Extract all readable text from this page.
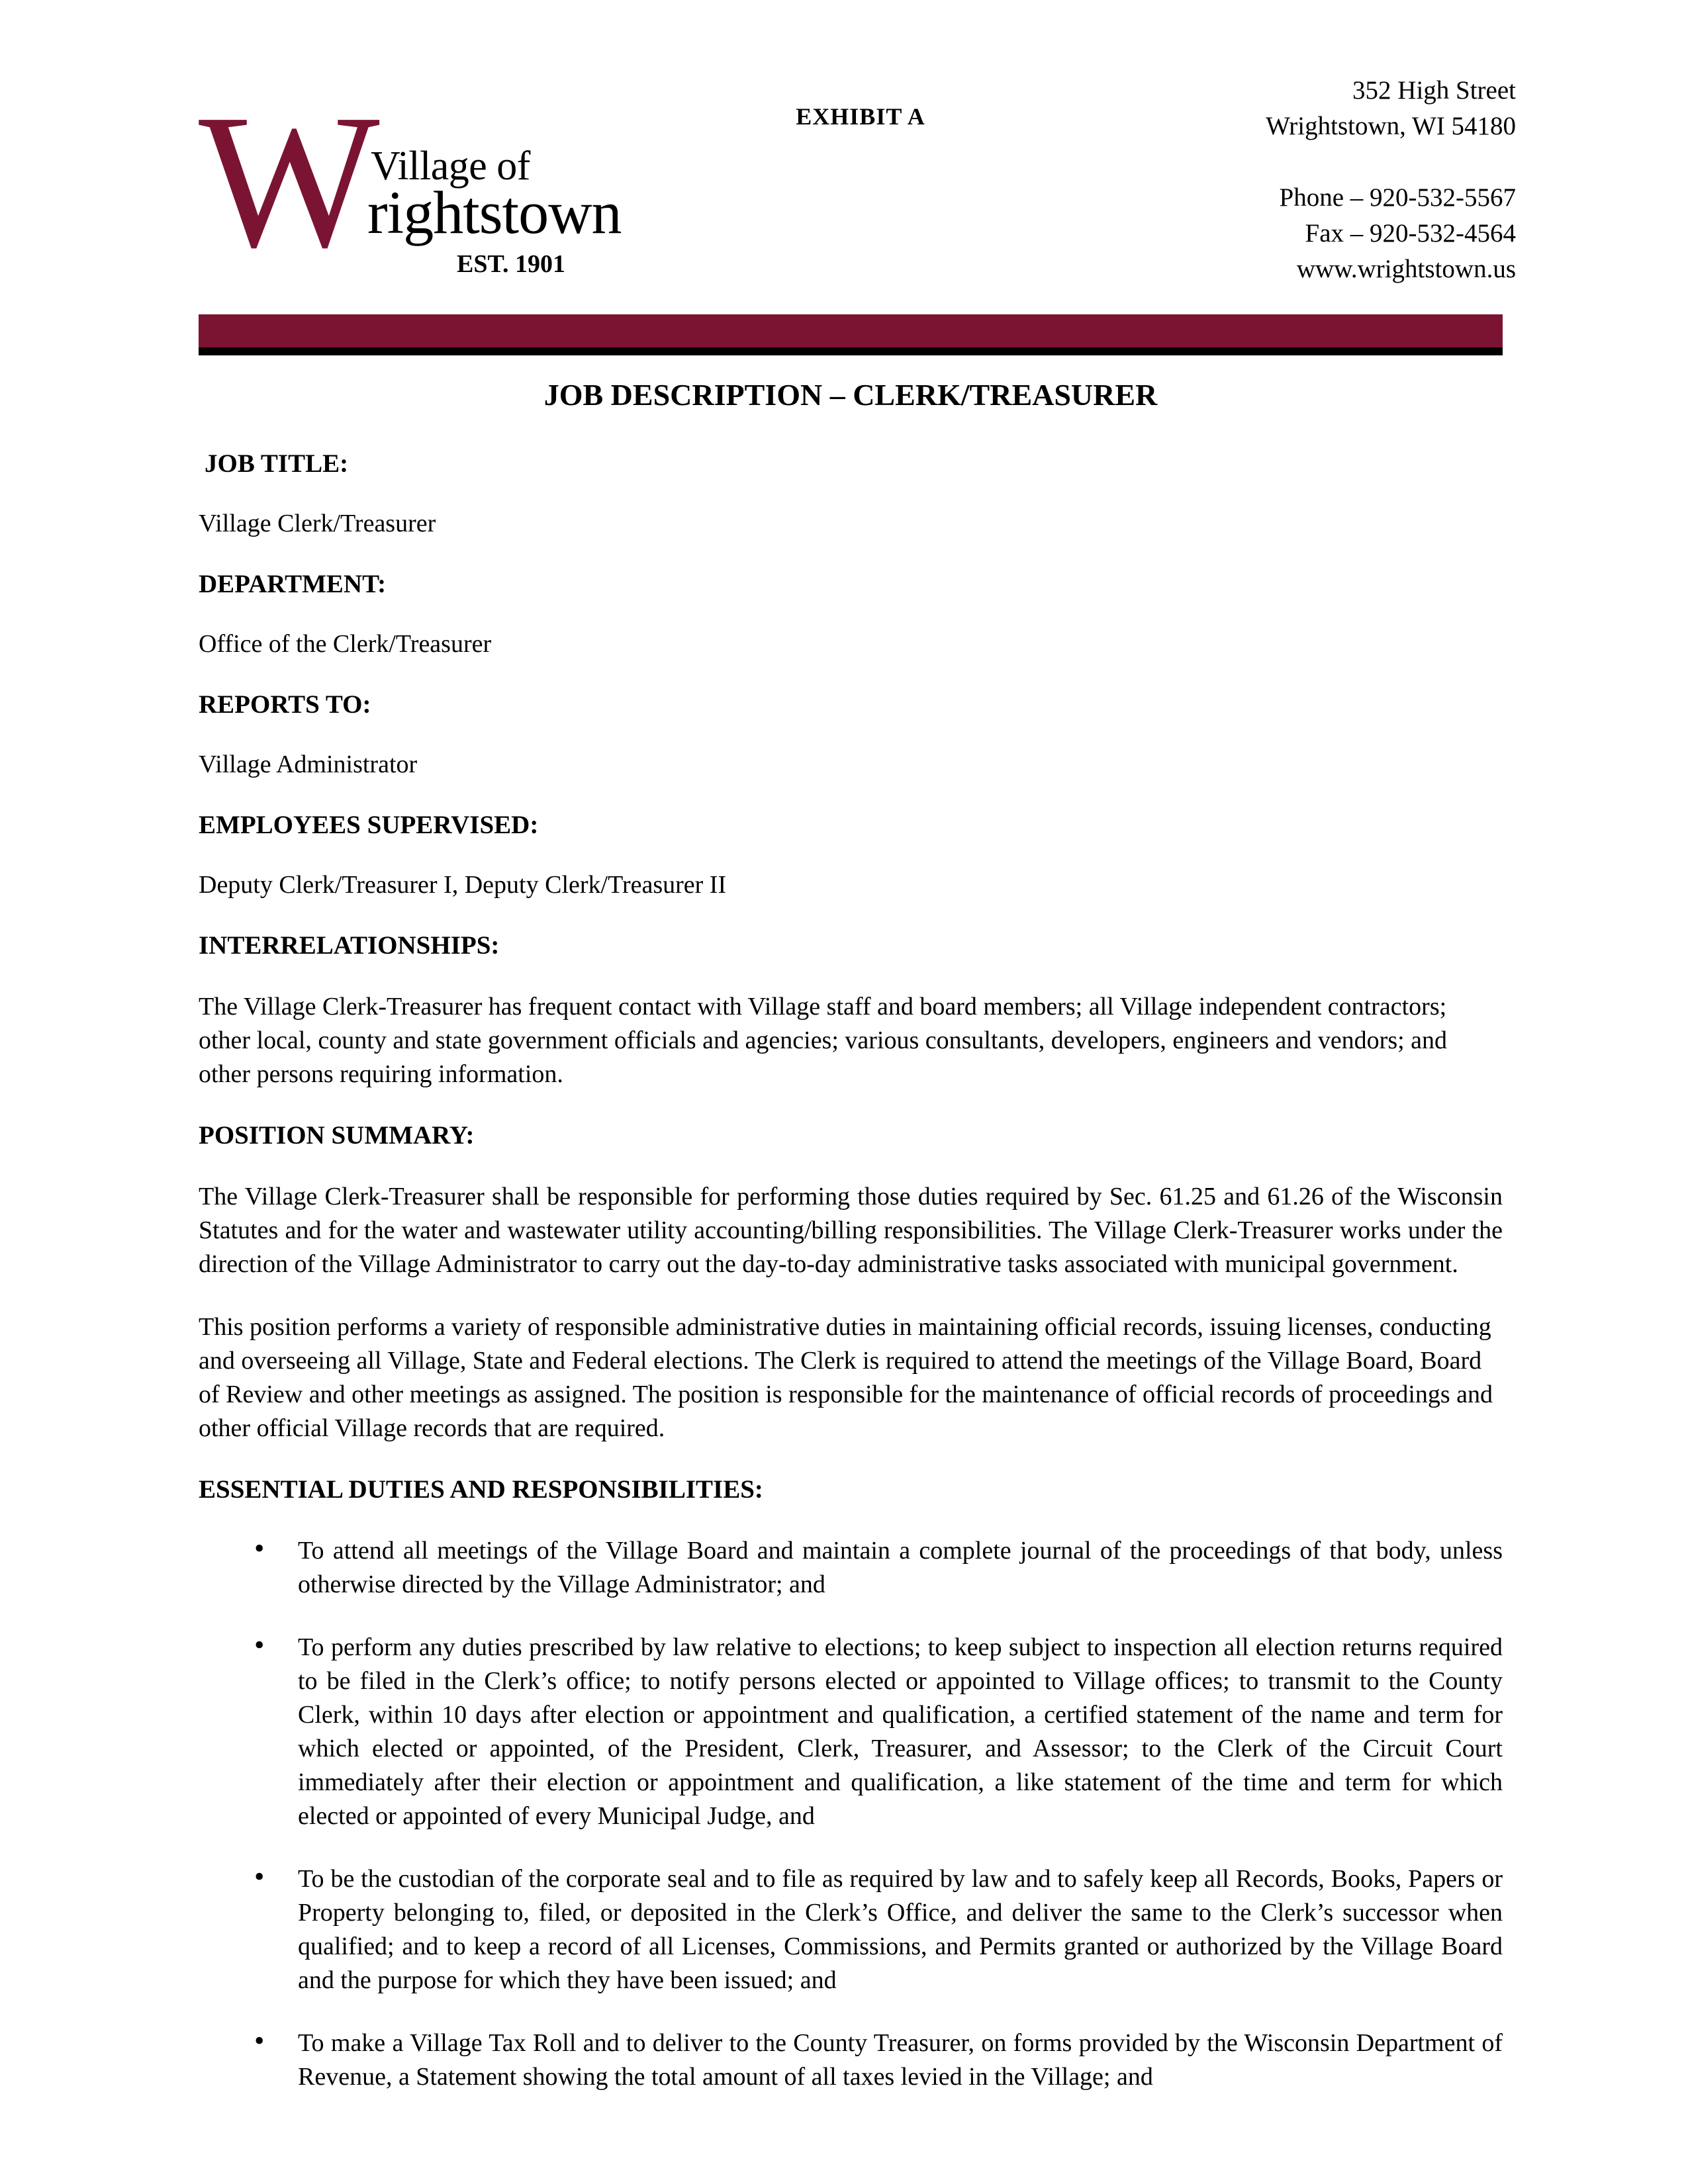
EXHIBIT A
W
Village of
rightstown
EST. 1901
352 High Street
Wrightstown, WI 54180
Phone – 920-532-5567
Fax – 920-532-4564
www.wrightstown.us
JOB DESCRIPTION – CLERK/TREASURER
JOB TITLE:
Village Clerk/Treasurer
DEPARTMENT:
Office of the Clerk/Treasurer
REPORTS TO:
Village Administrator
EMPLOYEES SUPERVISED:
Deputy Clerk/Treasurer I, Deputy Clerk/Treasurer II
INTERRELATIONSHIPS:
The Village Clerk-Treasurer has frequent contact with Village staff and board members; all Village independent contractors; other local, county and state government officials and agencies; various consultants, developers, engineers and vendors; and other persons requiring information.
POSITION SUMMARY:
The Village Clerk-Treasurer shall be responsible for performing those duties required by Sec. 61.25 and 61.26 of the Wisconsin Statutes and for the water and wastewater utility accounting/billing responsibilities. The Village Clerk-Treasurer works under the direction of the Village Administrator to carry out the day-to-day administrative tasks associated with municipal government.
This position performs a variety of responsible administrative duties in maintaining official records, issuing licenses, conducting and overseeing all Village, State and Federal elections. The Clerk is required to attend the meetings of the Village Board, Board of Review and other meetings as assigned. The position is responsible for the maintenance of official records of proceedings and other official Village records that are required.
ESSENTIAL DUTIES AND RESPONSIBILITIES:
• To attend all meetings of the Village Board and maintain a complete journal of the proceedings of that body, unless otherwise directed by the Village Administrator; and
• To perform any duties prescribed by law relative to elections; to keep subject to inspection all election returns required to be filed in the Clerk’s office; to notify persons elected or appointed to Village offices; to transmit to the County Clerk, within 10 days after election or appointment and qualification, a certified statement of the name and term for which elected or appointed, of the President, Clerk, Treasurer, and Assessor; to the Clerk of the Circuit Court immediately after their election or appointment and qualification, a like statement of the time and term for which elected or appointed of every Municipal Judge, and
• To be the custodian of the corporate seal and to file as required by law and to safely keep all Records, Books, Papers or Property belonging to, filed, or deposited in the Clerk’s Office, and deliver the same to the Clerk’s successor when qualified; and to keep a record of all Licenses, Commissions, and Permits granted or authorized by the Village Board and the purpose for which they have been issued; and
• To make a Village Tax Roll and to deliver to the County Treasurer, on forms provided by the Wisconsin Department of Revenue, a Statement showing the total amount of all taxes levied in the Village; and
